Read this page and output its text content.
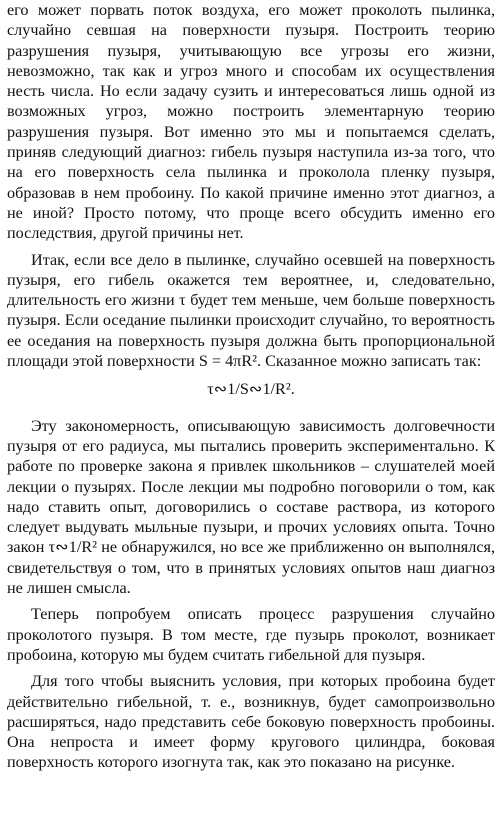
его может порвать поток воздуха, его может проколоть пылинка, случайно севшая на поверхности пузыря. Построить теорию разрушения пузыря, учитывающую все угрозы его жизни, невозможно, так как и угроз много и способам их осуществления несть числа. Но если задачу сузить и интересоваться лишь одной из возможных угроз, можно построить элементарную теорию разрушения пузыря. Вот именно это мы и попытаемся сделать, приняв следующий диагноз: гибель пузыря наступила из-за того, что на его поверхность села пылинка и проколола пленку пузыря, образовав в нем пробоину. По какой причине именно этот диагноз, а не иной? Просто потому, что проще всего обсудить именно его последствия, другой причины нет.

Итак, если все дело в пылинке, случайно осевшей на поверхность пузыря, его гибель окажется тем вероятнее, и, следовательно, длительность его жизни τ будет тем меньше, чем больше поверхность пузыря. Если оседание пылинки происходит случайно, то вероятность ее оседания на поверхность пузыря должна быть пропорциональной площади этой поверхности S = 4πR². Сказанное можно записать так:

τ∾1/S∾1/R².

Эту закономерность, описывающую зависимость долговечности пузыря от его радиуса, мы пытались проверить экспериментально. К работе по проверке закона я привлек школьников – слушателей моей лекции о пузырях. После лекции мы подробно поговорили о том, как надо ставить опыт, договорились о составе раствора, из которого следует выдувать мыльные пузыри, и прочих условиях опыта. Точно закон τ∾1/R² не обнаружился, но все же приближенно он выполнялся, свидетельствуя о том, что в принятых условиях опытов наш диагноз не лишен смысла.

Теперь попробуем описать процесс разрушения случайно проколотого пузыря. В том месте, где пузырь проколот, возникает пробоина, которую мы будем считать гибельной для пузыря.

Для того чтобы выяснить условия, при которых пробоина будет действительно гибельной, т. е., возникнув, будет самопроизвольно расширяться, надо представить себе боковую поверхность пробоины. Она непроста и имеет форму кругового цилиндра, боковая поверхность которого изогнута так, как это показано на рисунке.
